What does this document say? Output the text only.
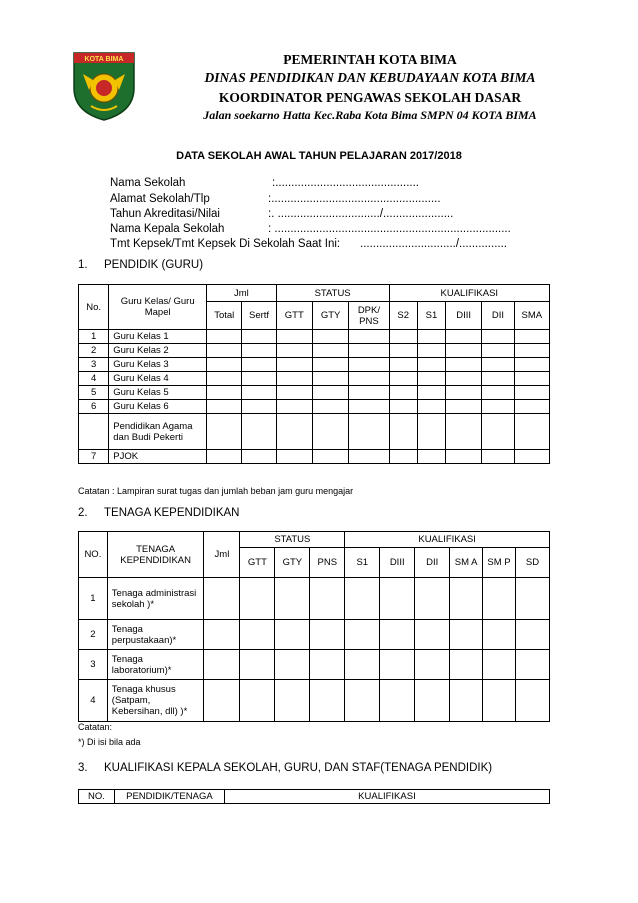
KOTA BIMA	PEMERINTAH KOTA BIMA
DINAS PENDIDIKAN DAN KEBUDAYAAN KOTA BIMA
KOORDINATOR PENGAWAS SEKOLAH DASAR
Jalan soekarno Hatta Kec.Raba Kota Bima SMPN 04 KOTA BIMA
DATA SEKOLAH AWAL TAHUN PELAJARAN 2017/2018
Nama Sekolah	:.............................................
Alamat Sekolah/Tlp	:.....................................................
Tahun Akreditasi/Nilai	:. ................................/......................
Nama Kepala Sekolah	: ..........................................................................
Tmt Kepsek/Tmt Kepsek Di Sekolah Saat Ini: ............................../...............
1. PENDIDIK (GURU)
No.	Guru Kelas/ Guru Mapel	Jml		STATUS			KUALIFIKASI				
		Total	Sertf	GTT	GTY	DPK/ PNS	S2	S1	DIII	DII	SMA
1	Guru Kelas 1										
2	Guru Kelas 2										
3	Guru Kelas 3										
4	Guru Kelas 4										
5	Guru Kelas 5										
6	Guru Kelas 6										
	Pendidikan Agama dan Budi Pekerti										
7	PJOK										
Catatan : Lampiran surat tugas dan jumlah beban jam guru mengajar
2. TENAGA KEPENDIDIKAN
NO.	TENAGA KEPENDIDIKAN	Jml	STATUS			KUALIFIKASI					
			GTT	GTY	PNS	S1	DIII	DII	SM A	SM P	SD
1	Tenaga administrasi sekolah )*										
2	Tenaga perpustakaan)*										
3	Tenaga laboratorium)*										
4	Tenaga khusus (Satpam, Kebersihan, dll) )*										
Catatan:
*) Di isi bila ada
3. KUALIFIKASI KEPALA SEKOLAH, GURU, DAN STAF(TENAGA PENDIDIK)
NO.	PENDIDIK/TENAGA	KUALIFIKASI
